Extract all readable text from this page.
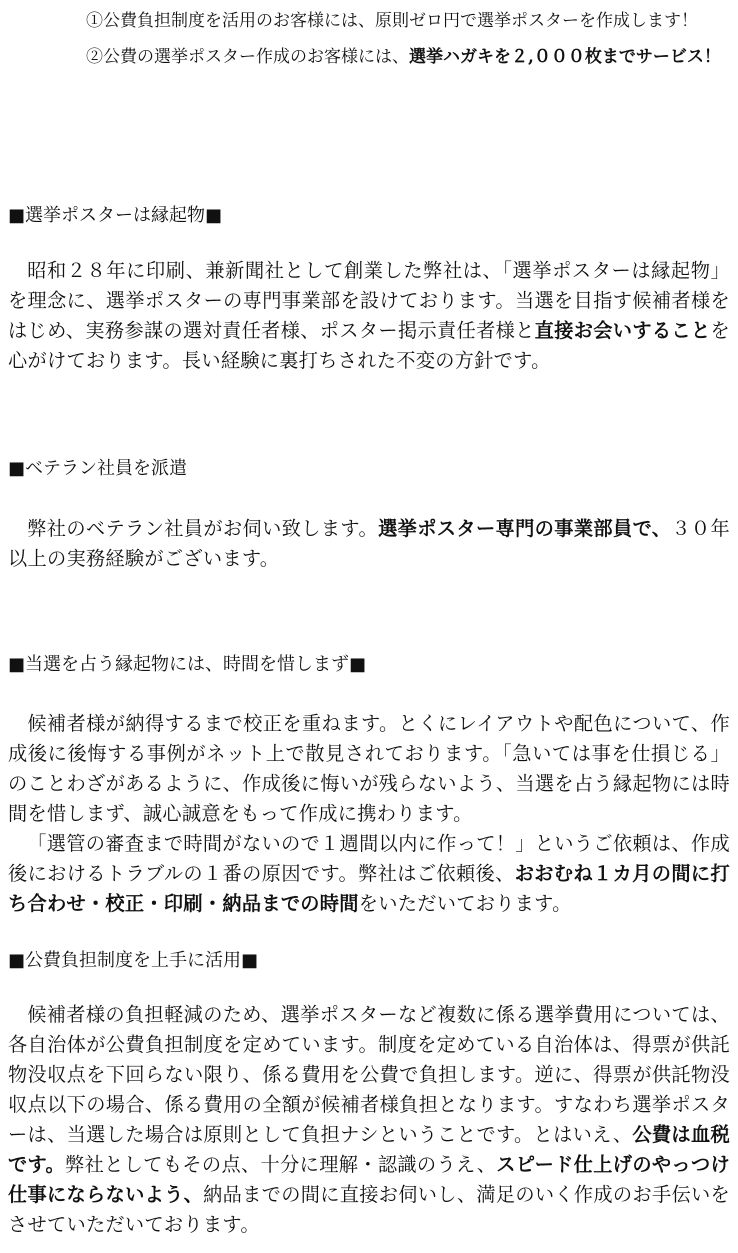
①公費負担制度を活用のお客様には、原則ゼロ円で選挙ポスターを作成します！
②公費の選挙ポスター作成のお客様には、選挙ハガキを２,０００枚までサービス！
■選挙ポスターは縁起物■

昭和２８年に印刷、兼新聞社として創業した弊社は、「選挙ポスターは縁起物」を理念に、選挙ポスターの専門事業部を設けております。当選を目指す候補者様をはじめ、実務参謀の選対責任者様、ポスター掲示責任者様と直接お会いすることを心がけております。長い経験に裏打ちされた不変の方針です。

■ベテラン社員を派遣

弊社のベテラン社員がお伺い致します。選挙ポスター専門の事業部員で、３０年以上の実務経験がございます。

■当選を占う縁起物には、時間を惜しまず■

候補者様が納得するまで校正を重ねます。とくにレイアウトや配色について、作成後に後悔する事例がネット上で散見されております。「急いては事を仕損じる」のことわざがあるように、作成後に悔いが残らないよう、当選を占う縁起物には時間を惜しまず、誠心誠意をもって作成に携わります。

「選管の審査まで時間がないので１週間以内に作って！」というご依頼は、作成後におけるトラブルの１番の原因です。弊社はご依頼後、おおむね１カ月の間に打ち合わせ・校正・印刷・納品までの時間をいただいております。

■公費負担制度を上手に活用■

候補者様の負担軽減のため、選挙ポスターなど複数に係る選挙費用については、各自治体が公費負担制度を定めています。制度を定めている自治体は、得票が供託物没収点を下回らない限り、係る費用を公費で負担します。逆に、得票が供託物没収点以下の場合、係る費用の全額が候補者様負担となります。すなわち選挙ポスターは、当選した場合は原則として負担ナシということです。とはいえ、公費は血税です。弊社としてもその点、十分に理解・認識のうえ、スピード仕上げのやっつけ仕事にならないよう、納品までの間に直接お伺いし、満足のいく作成のお手伝いをさせていただいております。
